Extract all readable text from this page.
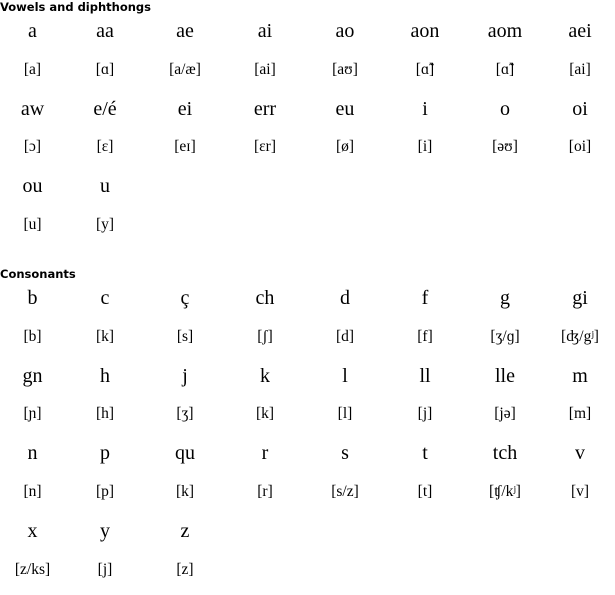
Vowels and diphthongs
a	aa	ae	ai	ao	aon	aom	aei
[a]	[ɑ]	[a/æ]	[ai]	[aʊ]	[ɑ̃]	[ɑ̃]	[ai]
aw	e/é	ei	err	eu	i	o	oi
[ɔ]	[ɛ]	[eɪ]	[ɛr]	[ø]	[i]	[əʊ]	[oi]
ou	u
[u]	[y]
Consonants
b	c	ç	ch	d	f	g	gi
[b]	[k]	[s]	[ʃ]	[d]	[f]	[ʒ/ɡ]	[ʤ/gʲ]
gn	h	j	k	l	ll	lle	m
[ɲ]	[h]	[ʒ]	[k]	[l]	[j]	[jə]	[m]
n	p	qu	r	s	t	tch	v
[n]	[p]	[k]	[r]	[s/z]	[t]	[ʧ/kʲ]	[v]
x	y	z
[z/ks]	[j]	[z]
